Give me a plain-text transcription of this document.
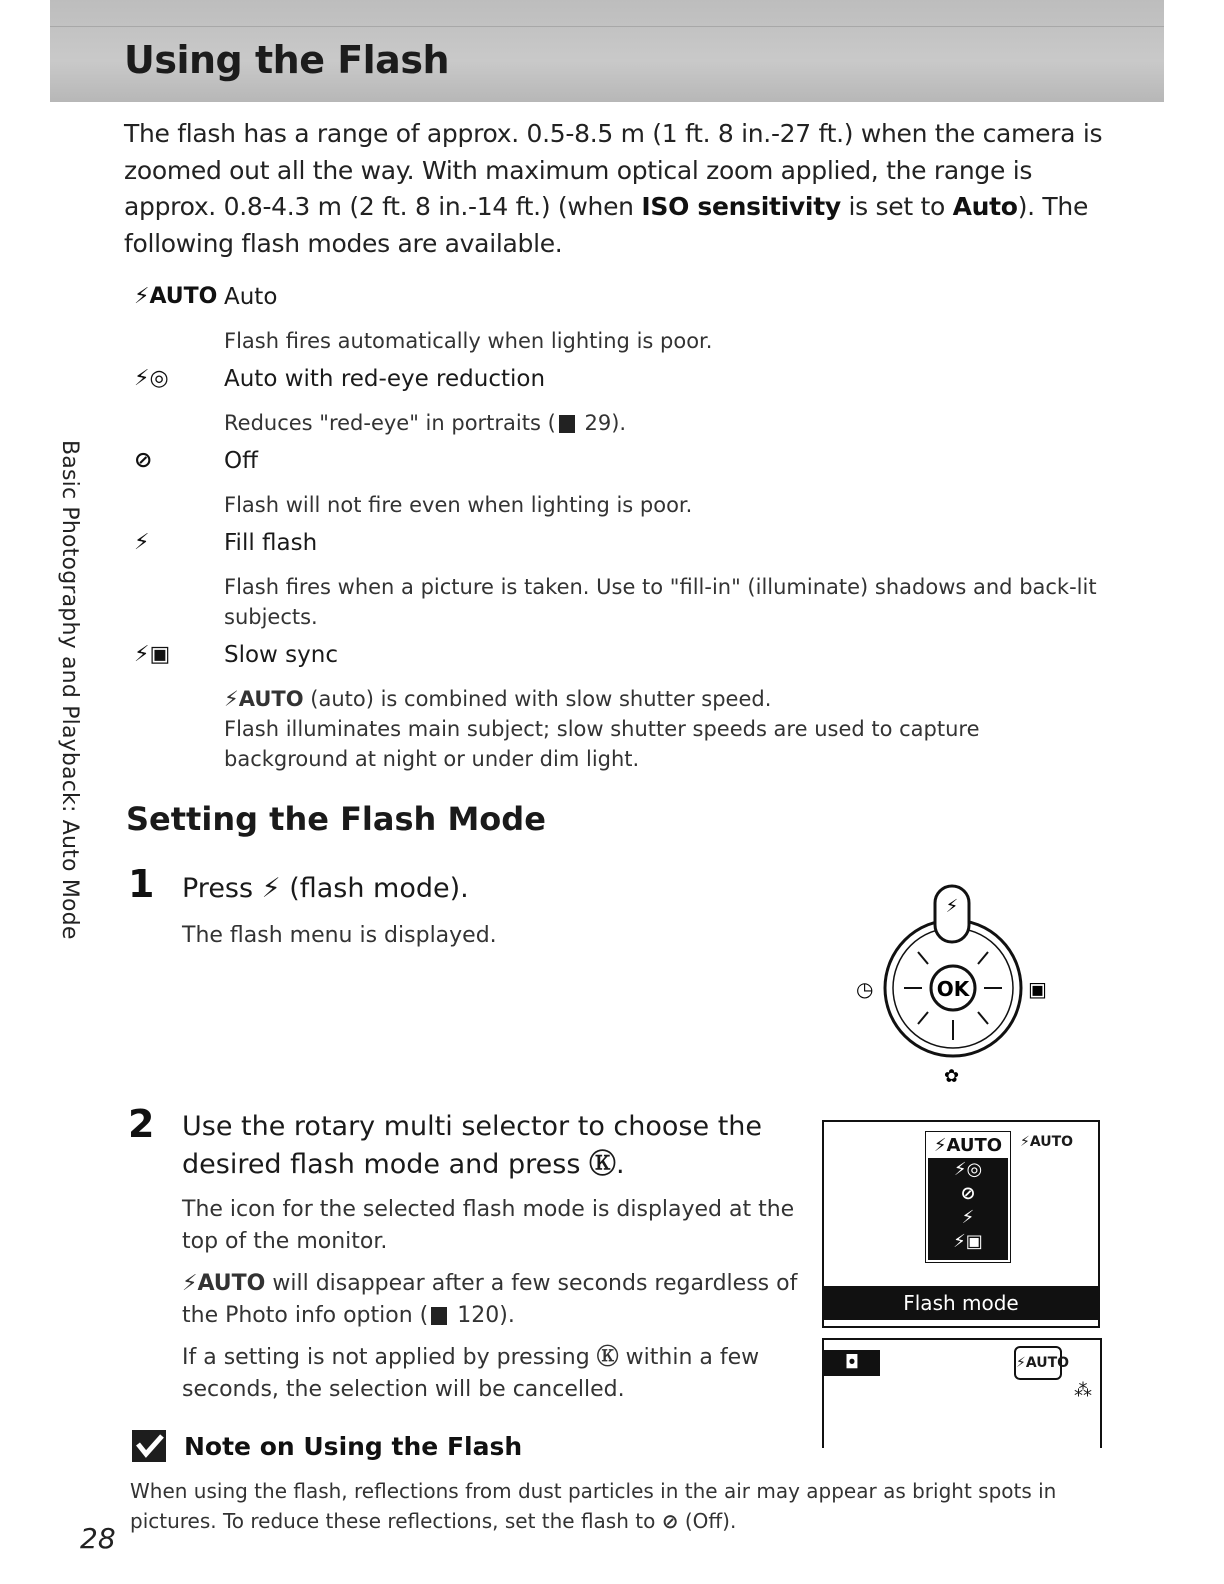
Using the Flash

The flash has a range of approx. 0.5-8.5 m (1 ft. 8 in.-27 ft.) when the camera is zoomed out all the way. With maximum optical zoom applied, the range is approx. 0.8-4.3 m (2 ft. 8 in.-14 ft.) (when ISO sensitivity is set to Auto). The following flash modes are available.

Basic Photography and Playback: Auto Mode
⚡AUTO Auto

Flash fires automatically when lighting is poor.

⚡◎	Auto with red-eye reduction

Reduces "red-eye" in portraits ( 29).

⊘	Off

Flash will not fire even when lighting is poor.

⚡	Fill flash

Flash fires when a picture is taken. Use to "fill-in" (illuminate) shadows and back-lit subjects.

⚡▣	Slow sync

⚡AUTO (auto) is combined with slow shutter speed.

Flash illuminates main subject; slow shutter speeds are used to capture background at night or under dim light.

Setting the Flash Mode
1 Press ⚡ (flash mode).

The flash menu is displayed.

OK
⚡
◷	▣
✿
2 Use the rotary multi selector to choose the desired flash mode and press Ⓚ.

The icon for the selected flash mode is displayed at the top of the monitor.

⚡AUTO will disappear after a few seconds regardless of the Photo info option ( 120).

If a setting is not applied by pressing Ⓚ within a few seconds, the selection will be cancelled.

⚡AUTO
⚡◎
⊘
⚡
⚡▣
⚡AUTO
Flash mode
◘	⚡AUTO
⁂
Note on Using the Flash
When using the flash, reflections from dust particles in the air may appear as bright spots in pictures. To reduce these reflections, set the flash to ⊘ (Off).
28
